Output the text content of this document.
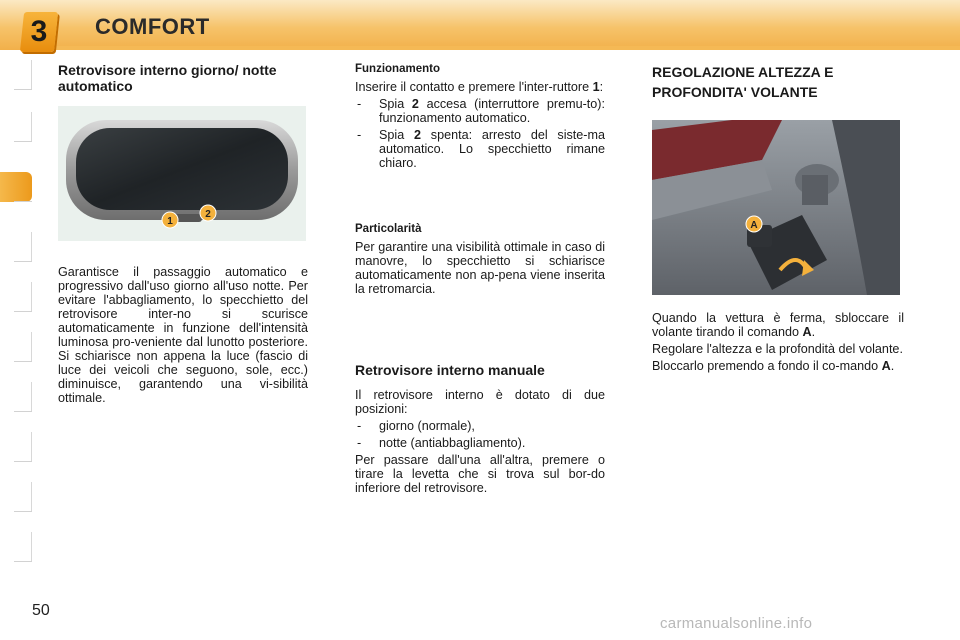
3	COMFORT
Retrovisore interno giorno/ notte automatico
1
2

Garantisce il passaggio automatico e progressivo dall'uso giorno all'uso notte. Per evitare l'abbagliamento, lo specchietto del retrovisore inter-no si scurisce automaticamente in funzione dell'intensità luminosa pro-veniente dal lunotto posteriore. Si schiarisce non appena la luce (fascio di luce dei veicoli che seguono, sole, ecc.) diminuisce, garantendo una vi-sibilità ottimale.

Funzionamento

Inserire il contatto e premere l'inter-ruttore 1:

- Spia 2 accesa (interruttore premu-to): funzionamento automatico.
- Spia 2 spenta: arresto del siste-ma automatico. Lo specchietto rimane chiaro.
Particolarità

Per garantire una visibilità ottimale in caso di manovre, lo specchietto si schiarisce automaticamente non ap-pena viene inserita la retromarcia.

Retrovisore interno manuale

Il retrovisore interno è dotato di due posizioni:

- giorno (normale),
- notte (antiabbagliamento).

Per passare dall'una all'altra, premere o tirare la levetta che si trova sul bor-do inferiore del retrovisore.

REGOLAZIONE ALTEZZA E PROFONDITA' VOLANTE
A

Quando la vettura è ferma, sbloccare il volante tirando il comando A.

Regolare l'altezza e la profondità del volante.

Bloccarlo premendo a fondo il co-mando A.

50
carmanualsonline.info
